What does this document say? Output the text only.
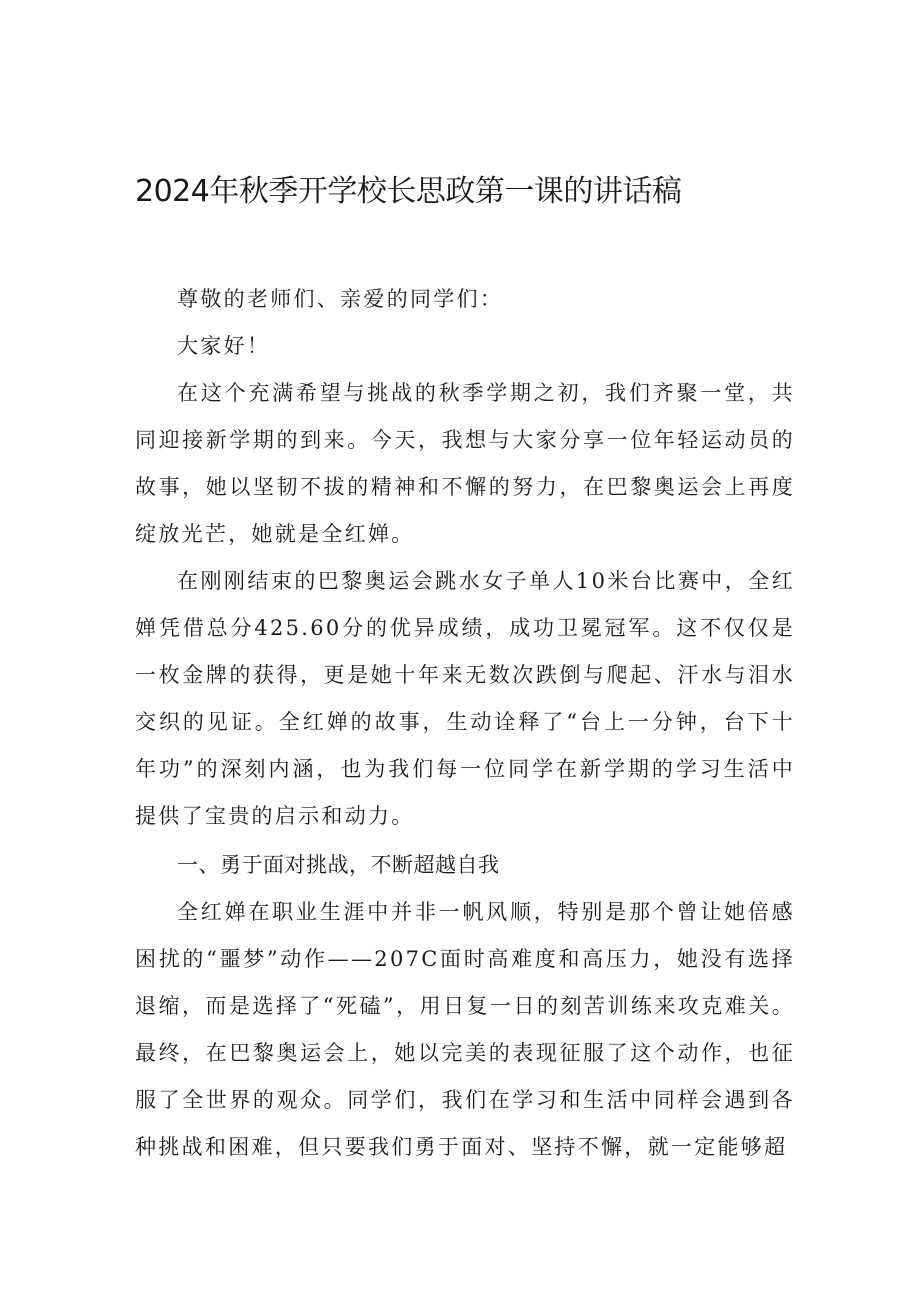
2024年秋季开学校长思政第一课的讲话稿

尊敬的老师们、亲爱的同学们：

大家好！

在这个充满希望与挑战的秋季学期之初，我们齐聚一堂，共同迎接新学期的到来。今天，我想与大家分享一位年轻运动员的故事，她以坚韧不拔的精神和不懈的努力，在巴黎奥运会上再度绽放光芒，她就是全红婵。

在刚刚结束的巴黎奥运会跳水女子单人10米台比赛中，全红婵凭借总分425.60分的优异成绩，成功卫冕冠军。这不仅仅是一枚金牌的获得，更是她十年来无数次跌倒与爬起、汗水与泪水交织的见证。全红婵的故事，生动诠释了“台上一分钟，台下十年功”的深刻内涵，也为我们每一位同学在新学期的学习生活中提供了宝贵的启示和动力。

一、勇于面对挑战，不断超越自我

全红婵在职业生涯中并非一帆风顺，特别是那个曾让她倍感困扰的“噩梦”动作——207C面时高难度和高压力，她没有选择退缩，而是选择了“死磕”，用日复一日的刻苦训练来攻克难关。最终，在巴黎奥运会上，她以完美的表现征服了这个动作，也征服了全世界的观众。同学们，我们在学习和生活中同样会遇到各种挑战和困难，但只要我们勇于面对、坚持不懈，就一定能够超
